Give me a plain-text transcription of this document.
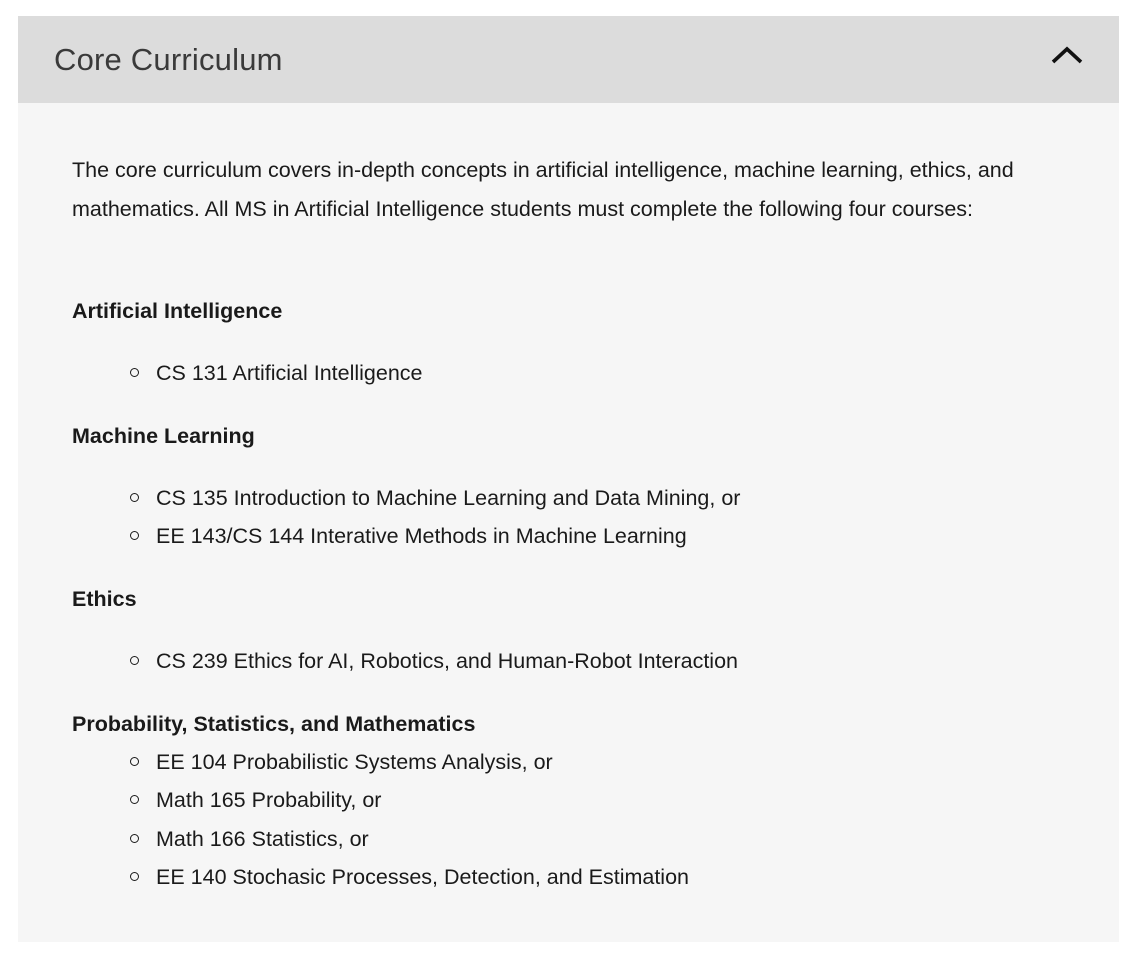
Core Curriculum

The core curriculum covers in-depth concepts in artificial intelligence, machine learning, ethics, and mathematics. All MS in Artificial Intelligence students must complete the following four courses:

Artificial Intelligence
CS 131 Artificial Intelligence
Machine Learning
CS 135 Introduction to Machine Learning and Data Mining, or
EE 143/CS 144 Interative Methods in Machine Learning
Ethics
CS 239 Ethics for AI, Robotics, and Human-Robot Interaction
Probability, Statistics, and Mathematics
EE 104 Probabilistic Systems Analysis, or
Math 165 Probability, or
Math 166 Statistics, or
EE 140 Stochasic Processes, Detection, and Estimation
